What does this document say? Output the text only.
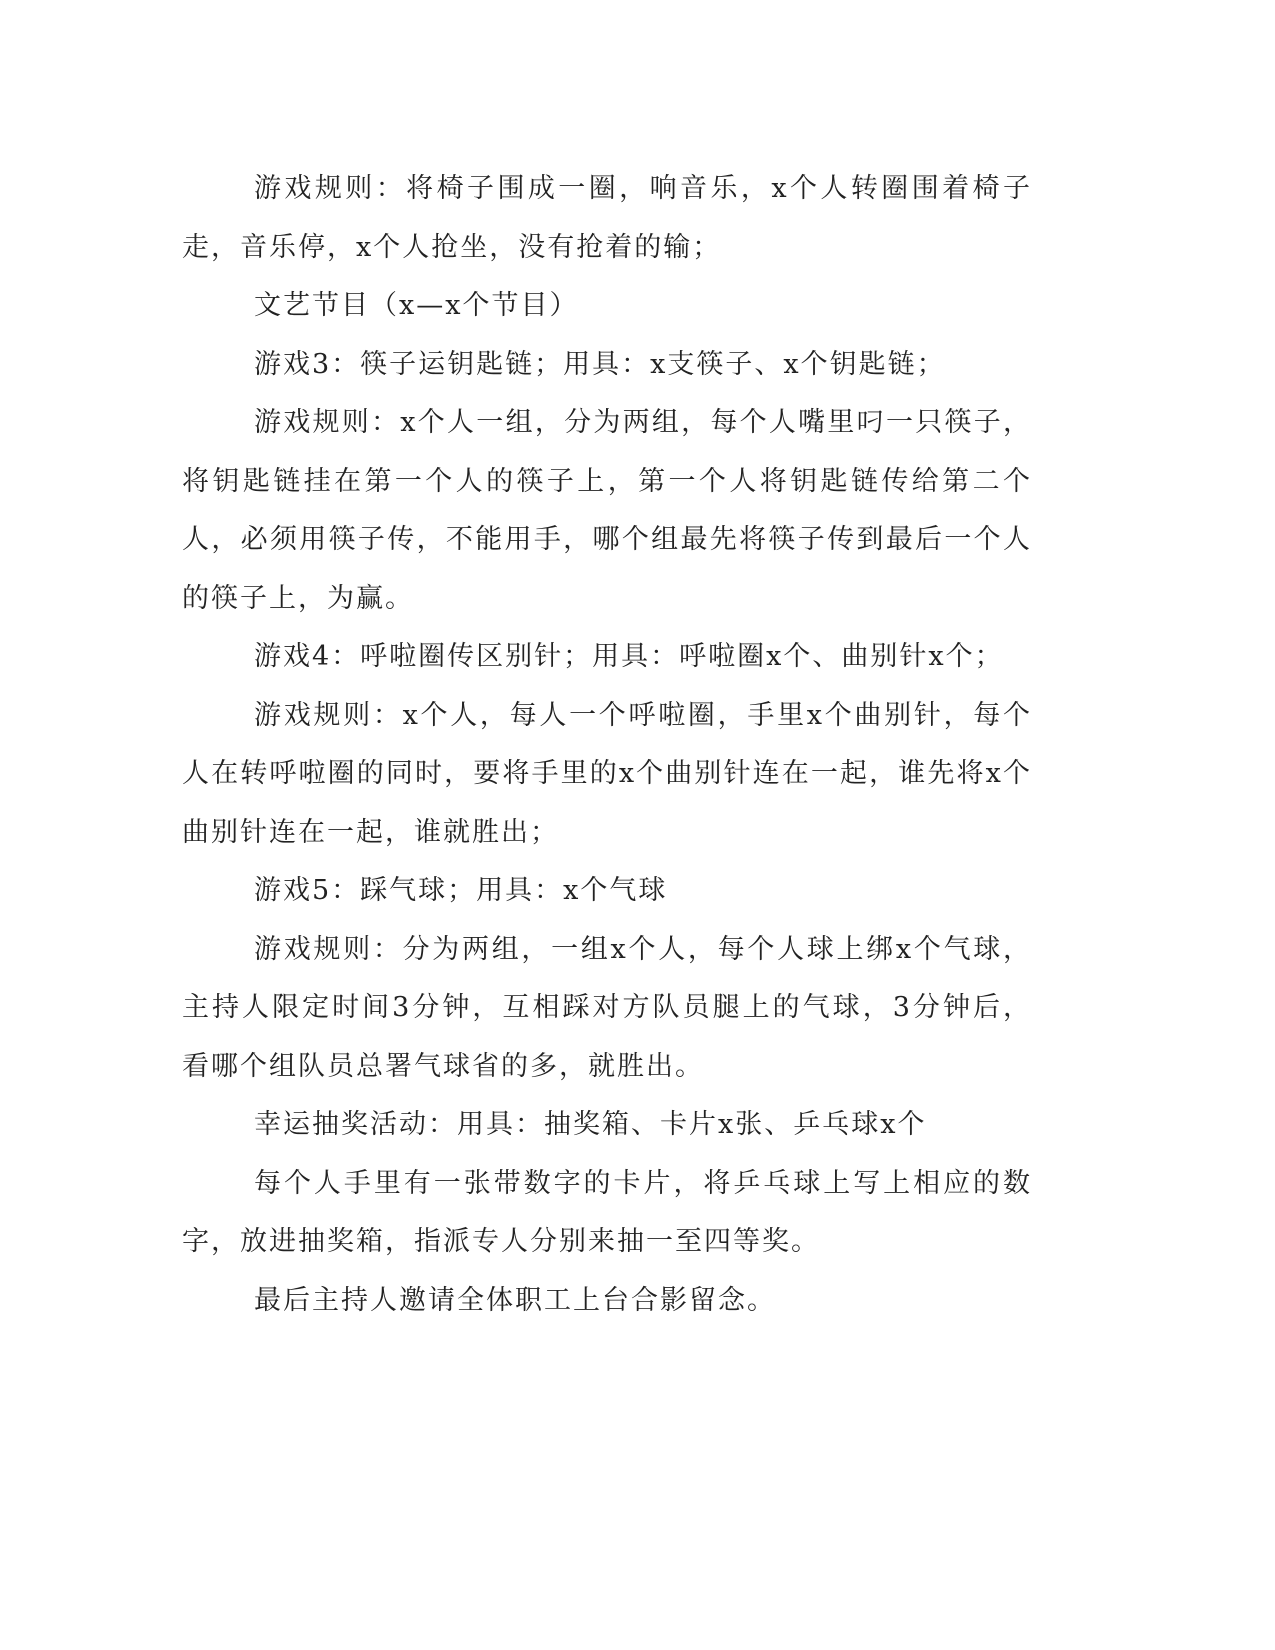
游戏规则：将椅子围成一圈，响音乐，x个人转圈围着椅子走，音乐停，x个人抢坐，没有抢着的输；

文艺节目（x—x个节目）

游戏3：筷子运钥匙链；用具：x支筷子、x个钥匙链；

游戏规则：x个人一组，分为两组，每个人嘴里叼一只筷子，将钥匙链挂在第一个人的筷子上，第一个人将钥匙链传给第二个人，必须用筷子传，不能用手，哪个组最先将筷子传到最后一个人的筷子上，为赢。

游戏4：呼啦圈传区别针；用具：呼啦圈x个、曲别针x个；

游戏规则：x个人，每人一个呼啦圈，手里x个曲别针，每个人在转呼啦圈的同时，要将手里的x个曲别针连在一起，谁先将x个曲别针连在一起，谁就胜出；

游戏5：踩气球；用具：x个气球

游戏规则：分为两组，一组x个人，每个人球上绑x个气球，主持人限定时间3分钟，互相踩对方队员腿上的气球，3分钟后，看哪个组队员总署气球省的多，就胜出。

幸运抽奖活动：用具：抽奖箱、卡片x张、乒乓球x个

每个人手里有一张带数字的卡片，将乒乓球上写上相应的数字，放进抽奖箱，指派专人分别来抽一至四等奖。

最后主持人邀请全体职工上台合影留念。
